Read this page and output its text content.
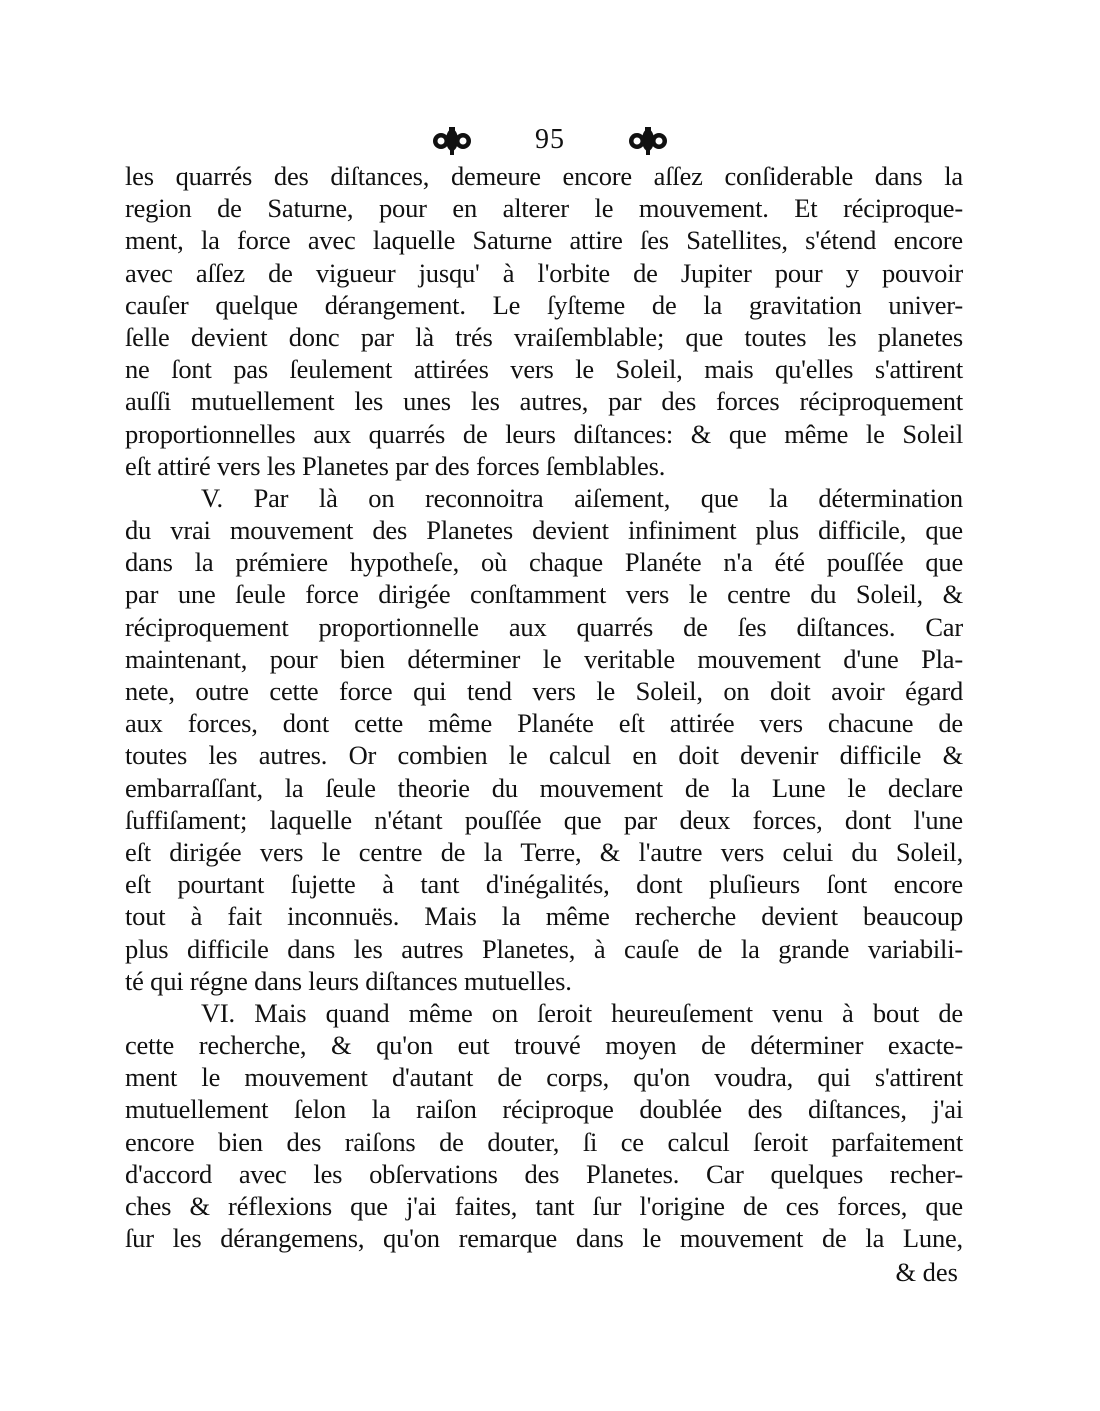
95
les quarrés des diſtances, demeure encore aſſez conſiderable dans la
region de Saturne, pour en alterer le mouvement. Et réciproque-
ment, la force avec laquelle Saturne attire ſes Satellites, s'étend encore
avec aſſez de vigueur jusqu' à l'orbite de Jupiter pour y pouvoir
cauſer quelque dérangement. Le ſyſteme de la gravitation univer-
ſelle devient donc par là trés vraiſemblable; que toutes les planetes
ne ſont pas ſeulement attirées vers le Soleil, mais qu'elles s'attirent
auſſi mutuellement les unes les autres, par des forces réciproquement
proportionnelles aux quarrés de leurs diſtances: & que même le Soleil
eſt attiré vers les Planetes par des forces ſemblables.
V. Par là on reconnoitra aiſement, que la détermination
du vrai mouvement des Planetes devient infiniment plus difficile, que
dans la prémiere hypotheſe, où chaque Planéte n'a été pouſſée que
par une ſeule force dirigée conſtamment vers le centre du Soleil, &
réciproquement proportionnelle aux quarrés de ſes diſtances. Car
maintenant, pour bien déterminer le veritable mouvement d'une Pla-
nete, outre cette force qui tend vers le Soleil, on doit avoir égard
aux forces, dont cette même Planéte eſt attirée vers chacune de
toutes les autres. Or combien le calcul en doit devenir difficile &
embarraſſant, la ſeule theorie du mouvement de la Lune le declare
ſuffiſament; laquelle n'étant pouſſée que par deux forces, dont l'une
eſt dirigée vers le centre de la Terre, & l'autre vers celui du Soleil,
eſt pourtant ſujette à tant d'inégalités, dont pluſieurs ſont encore
tout à fait inconnuës. Mais la même recherche devient beaucoup
plus difficile dans les autres Planetes, à cauſe de la grande variabili-
té qui régne dans leurs diſtances mutuelles.
VI. Mais quand même on ſeroit heureuſement venu à bout de
cette recherche, & qu'on eut trouvé moyen de déterminer exacte-
ment le mouvement d'autant de corps, qu'on voudra, qui s'attirent
mutuellement ſelon la raiſon réciproque doublée des diſtances, j'ai
encore bien des raiſons de douter, ſi ce calcul ſeroit parfaitement
d'accord avec les obſervations des Planetes. Car quelques recher-
ches & réflexions que j'ai faites, tant ſur l'origine de ces forces, que
ſur les dérangemens, qu'on remarque dans le mouvement de la Lune,
& des
